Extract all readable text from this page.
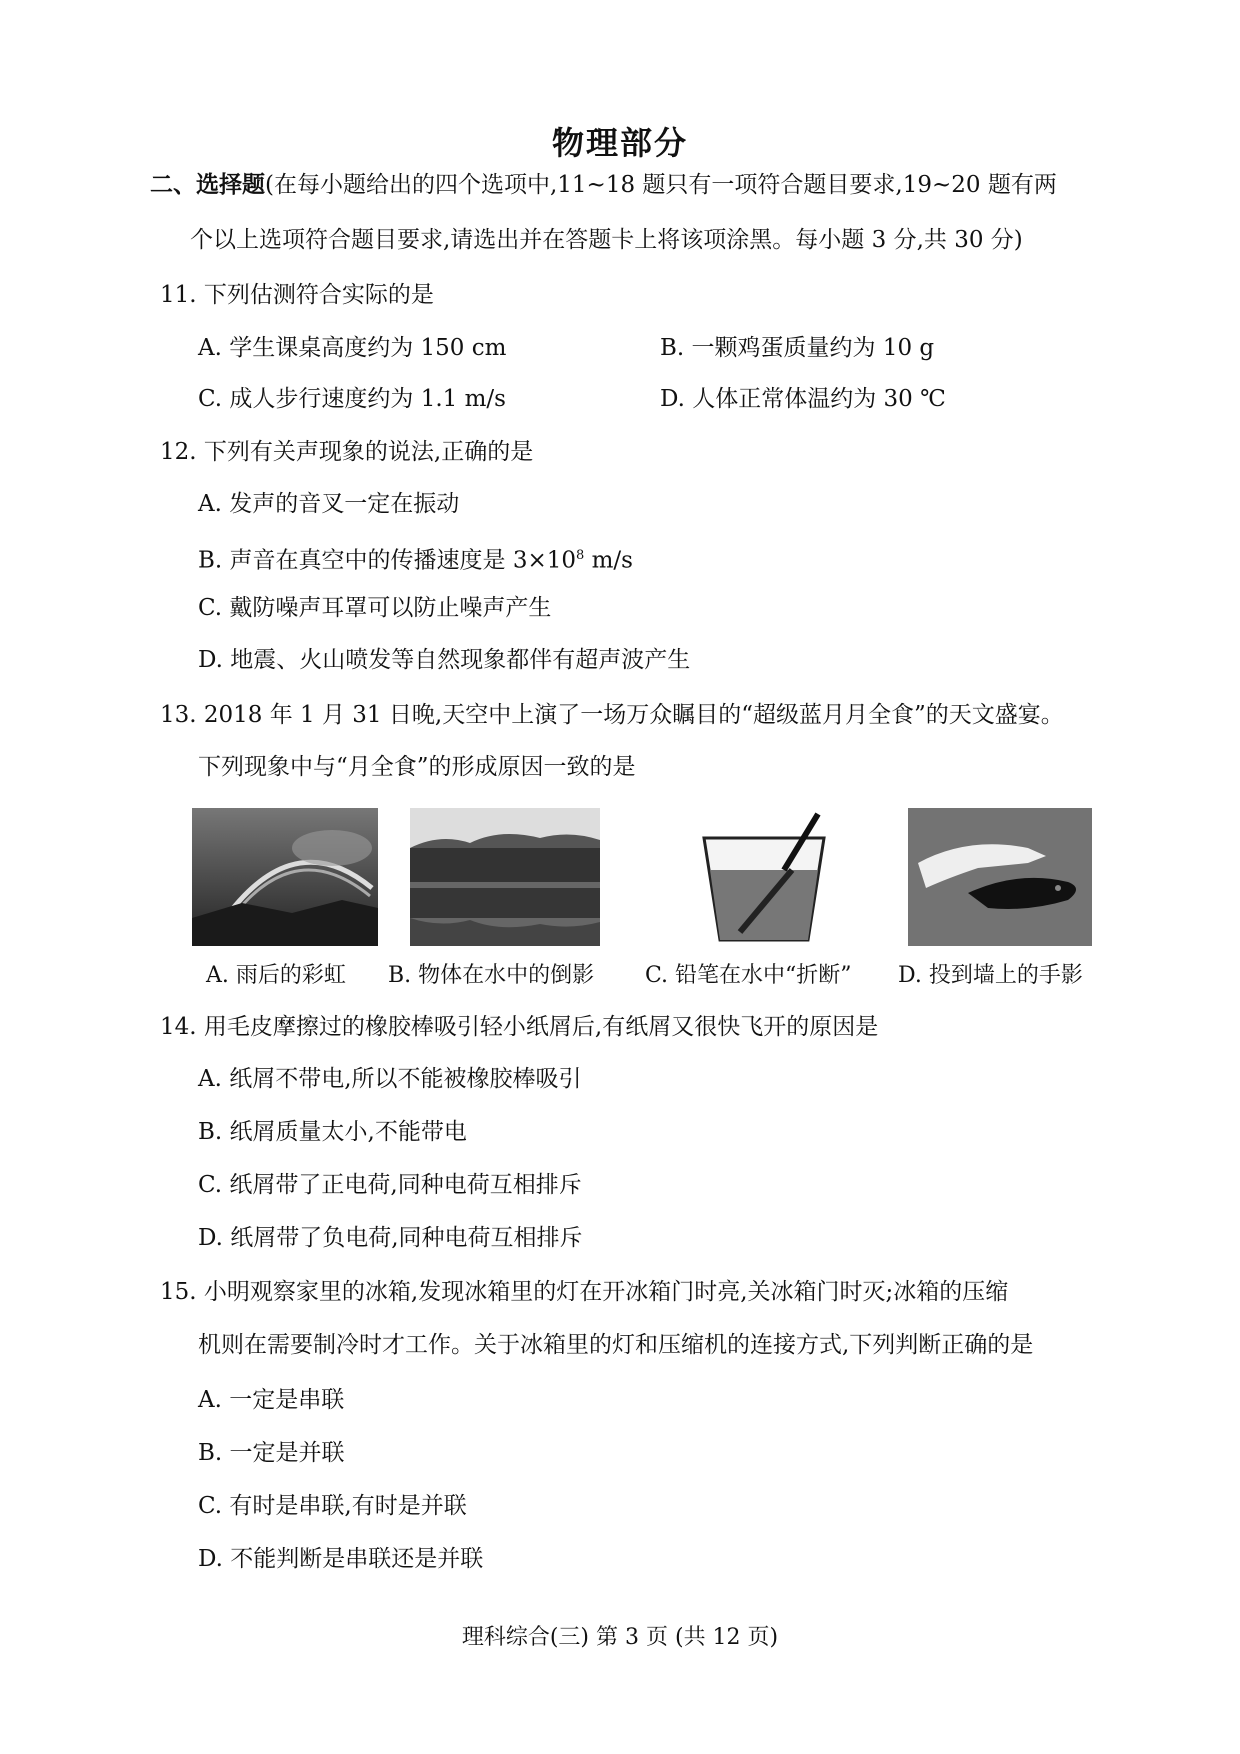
物理部分
二、选择题(在每小题给出的四个选项中,11~18 题只有一项符合题目要求,19~20 题有两
个以上选项符合题目要求,请选出并在答题卡上将该项涂黑。每小题 3 分,共 30 分)
11. 下列估测符合实际的是
A. 学生课桌高度约为 150 cm	B. 一颗鸡蛋质量约为 10 g
C. 成人步行速度约为 1.1 m/s	D. 人体正常体温约为 30 ℃
12. 下列有关声现象的说法,正确的是
A. 发声的音叉一定在振动
B. 声音在真空中的传播速度是 $3\times 10^8$ m/s
C. 戴防噪声耳罩可以防止噪声产生
D. 地震、火山喷发等自然现象都伴有超声波产生
13. 2018 年 1 月 31 日晚,天空中上演了一场万众瞩目的“超级蓝月月全食”的天文盛宴。
下列现象中与“月全食”的形成原因一致的是
A. 雨后的彩虹 B. 物体在水中的倒影 C. 铅笔在水中“折断” D. 投到墙上的手影
14. 用毛皮摩擦过的橡胶棒吸引轻小纸屑后,有纸屑又很快飞开的原因是
A. 纸屑不带电,所以不能被橡胶棒吸引
B. 纸屑质量太小,不能带电
C. 纸屑带了正电荷,同种电荷互相排斥
D. 纸屑带了负电荷,同种电荷互相排斥
15. 小明观察家里的冰箱,发现冰箱里的灯在开冰箱门时亮,关冰箱门时灭;冰箱的压缩
机则在需要制冷时才工作。关于冰箱里的灯和压缩机的连接方式,下列判断正确的是
A. 一定是串联
B. 一定是并联
C. 有时是串联,有时是并联
D. 不能判断是串联还是并联
理科综合(三) 第 3 页 (共 12 页)
